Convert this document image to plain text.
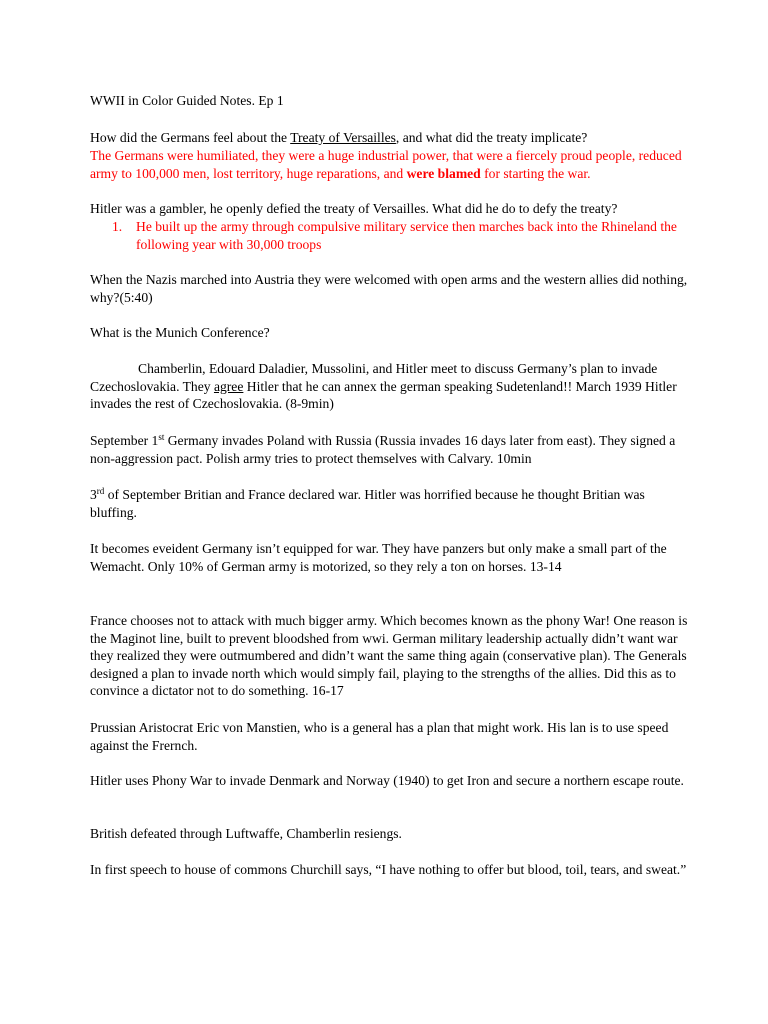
WWII in Color Guided Notes. Ep 1

How did the Germans feel about the Treaty of Versailles, and what did the treaty implicate?

The Germans were humiliated, they were a huge industrial power, that were a fiercely proud people, reduced army to 100,000 men, lost territory, huge reparations, and were blamed for starting the war.

Hitler was a gambler, he openly defied the treaty of Versailles. What did he do to defy the treaty?

1. He built up the army through compulsive military service then marches back into the Rhineland the following year with 30,000 troops

When the Nazis marched into Austria they were welcomed with open arms and the western allies did nothing, why?(5:40)

What is the Munich Conference?

Chamberlin, Edouard Daladier, Mussolini, and Hitler meet to discuss Germany’s plan to invade Czechoslovakia. They agree Hitler that he can annex the german speaking Sudetenland!! March 1939 Hitler invades the rest of Czechoslovakia. (8-9min)

September 1st Germany invades Poland with Russia (Russia invades 16 days later from east). They signed a non-aggression pact. Polish army tries to protect themselves with Calvary. 10min

3rd of September Britian and France declared war. Hitler was horrified because he thought Britian was bluffing.

It becomes eveident Germany isn’t equipped for war. They have panzers but only make a small part of the Wemacht. Only 10% of German army is motorized, so they rely a ton on horses. 13-14

France chooses not to attack with much bigger army. Which becomes known as the phony War! One reason is the Maginot line, built to prevent bloodshed from wwi. German military leadership actually didn’t want war they realized they were outmumbered and didn’t want the same thing again (conservative plan). The Generals designed a plan to invade north which would simply fail, playing to the strengths of the allies. Did this as to convince a dictator not to do something. 16-17

Prussian Aristocrat Eric von Manstien, who is a general has a plan that might work. His lan is to use speed against the Frernch.

Hitler uses Phony War to invade Denmark and Norway (1940) to get Iron and secure a northern escape route.

British defeated through Luftwaffe, Chamberlin resiengs.

In first speech to house of commons Churchill says, “I have nothing to offer but blood, toil, tears, and sweat.”
